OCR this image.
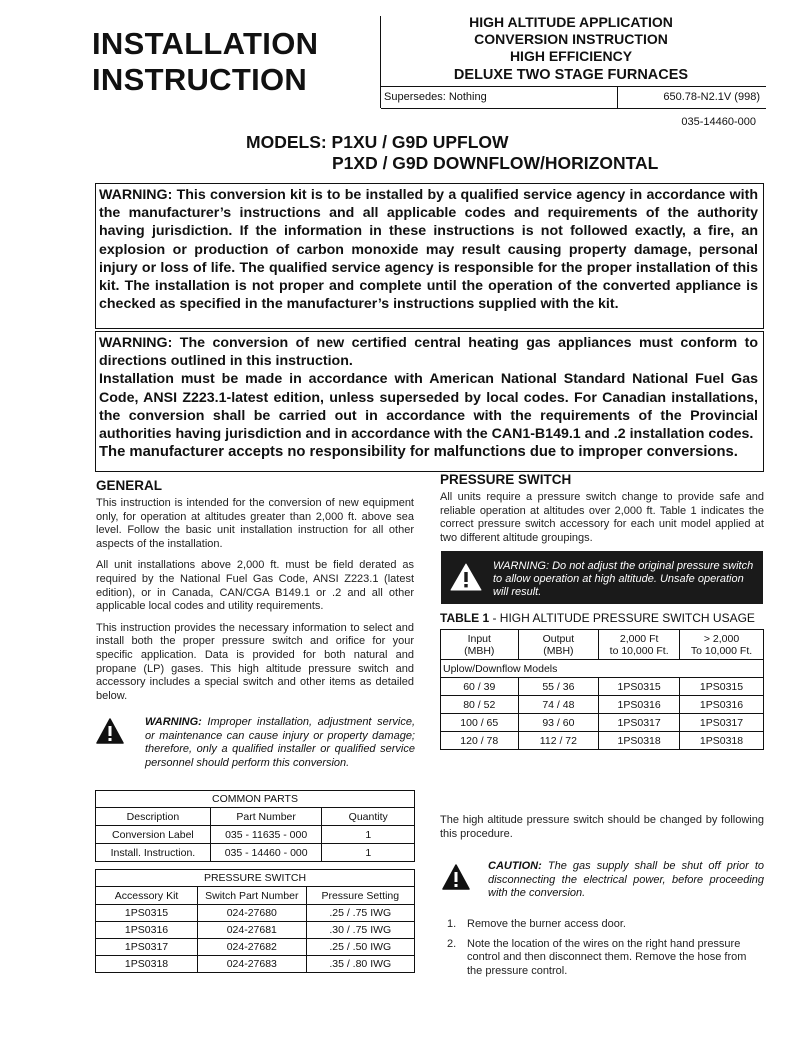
INSTALLATION
INSTRUCTION
HIGH ALTITUDE APPLICATION
CONVERSION INSTRUCTION
HIGH EFFICIENCY
DELUXE TWO STAGE FURNACES
Supersedes: Nothing	650.78-N2.1V (998)
035-14460-000
MODELS: P1XU / G9D UPFLOW
P1XD / G9D DOWNFLOW/HORIZONTAL

WARNING: This conversion kit is to be installed by a qualified service agency in accordance with the manufacturer’s instructions and all applicable codes and requirements of the authority having jurisdiction. If the information in these instructions is not followed exactly, a fire, an explosion or production of carbon monoxide may result causing property damage, personal injury or loss of life. The qualified service agency is responsible for the proper installation of this kit. The installation is not proper and complete until the operation of the converted appliance is checked as specified in the manufacturer’s instructions supplied with the kit.

WARNING: The conversion of new certified central heating gas appliances must conform to directions outlined in this instruction.

Installation must be made in accordance with American National Standard National Fuel Gas Code, ANSI Z223.1-latest edition, unless superseded by local codes. For Canadian installations, the conversion shall be carried out in accordance with the requirements of the Provincial authorities having jurisdiction and in accordance with the CAN1-B149.1 and .2 installation codes.

The manufacturer accepts no responsibility for malfunctions due to improper conversions.

GENERAL

This instruction is intended for the conversion of new equipment only, for operation at altitudes greater than 2,000 ft. above sea level. Follow the basic unit installation instruction for all other aspects of the installation.

All unit installations above 2,000 ft. must be field derated as required by the National Fuel Gas Code, ANSI Z223.1 (latest edition), or in Canada, CAN/CGA B149.1 or .2 and all other applicable local codes and utility requirements.

This instruction provides the necessary information to select and install both the proper pressure switch and orifice for your specific application. Data is provided for both natural and propane (LP) gases. This high altitude pressure switch and accessory includes a special switch and other items as detailed below.

WARNING: Improper installation, adjustment service, or maintenance can cause injury or property damage; therefore, only a qualified installer or qualified service personnel should perform this conversion.
COMMON PARTS		
Description	Part Number	Quantity
Conversion Label	035 - 11635 - 000	1
Install. Instruction.	035 - 14460 - 000	1
PRESSURE SWITCH		
Accessory Kit	Switch Part Number	Pressure Setting
1PS0315	024-27680	.25 / .75 IWG
1PS0316	024-27681	.30 / .75 IWG
1PS0317	024-27682	.25 / .50 IWG
1PS0318	024-27683	.35 / .80 IWG
PRESSURE SWITCH

All units require a pressure switch change to provide safe and reliable operation at altitudes over 2,000 ft. Table 1 indicates the correct pressure switch accessory for each unit model applied at two different altitude groupings.

WARNING: Do not adjust the original pressure switch to allow operation at high altitude. Unsafe operation will result.
TABLE 1 - HIGH ALTITUDE PRESSURE SWITCH USAGE
Input
(MBH)	Output
(MBH)	2,000 Ft
to 10,000 Ft.	> 2,000
To 10,000 Ft.
Uplow/Downflow Models			
60 / 39	55 / 36	1PS0315	1PS0315
80 / 52	74 / 48	1PS0316	1PS0316
100 / 65	93 / 60	1PS0317	1PS0317
120 / 78	112 / 72	1PS0318	1PS0318

The high altitude pressure switch should be changed by following this procedure.

CAUTION: The gas supply shall be shut off prior to disconnecting the electrical power, before proceeding with the conversion.
1. Remove the burner access door.
2. Note the location of the wires on the right hand pressure control and then disconnect them. Remove the hose from the pressure control.
